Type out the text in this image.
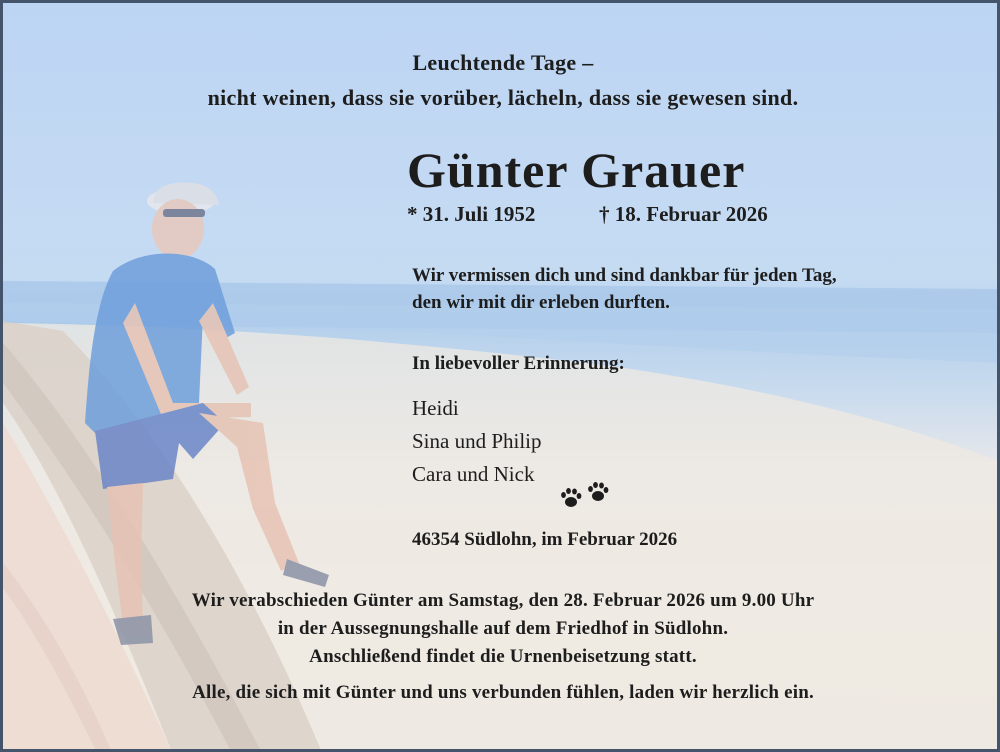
Leuchtende Tage –
nicht weinen, dass sie vorüber, lächeln, dass sie gewesen sind.
Günter Grauer
* 31. Juli 1952	† 18. Februar 2026
Wir vermissen dich und sind dankbar für jeden Tag,
den wir mit dir erleben durften.
In liebevoller Erinnerung:
Heidi
Sina und Philip
Cara und Nick
46354 Südlohn, im Februar 2026
Wir verabschieden Günter am Samstag, den 28. Februar 2026 um 9.00 Uhr
in der Aussegnungshalle auf dem Friedhof in Südlohn.
Anschließend findet die Urnenbeisetzung statt.
Alle, die sich mit Günter und uns verbunden fühlen, laden wir herzlich ein.
